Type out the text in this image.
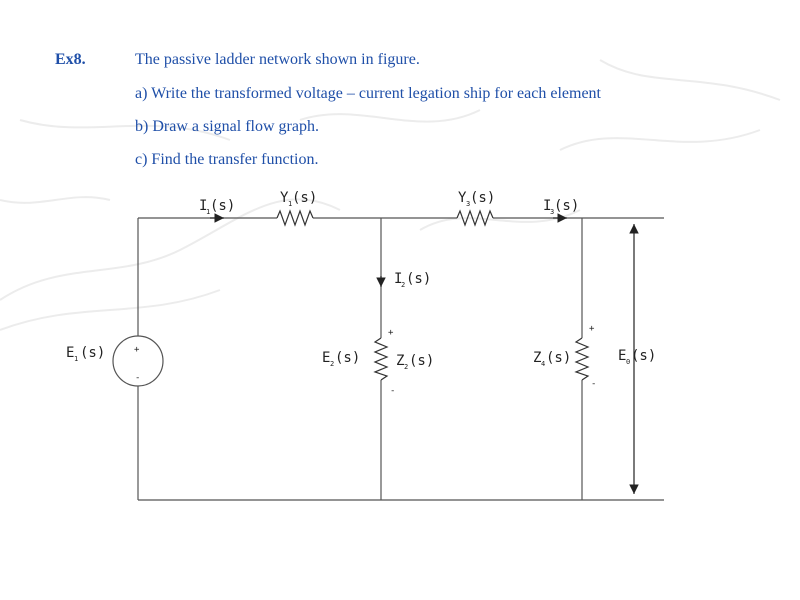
Ex8.	The passive ladder network shown in figure.
a) Write the transformed voltage – current legation ship for each element
b) Draw a signal flow graph.
c) Find the transfer function.
+
-
+
-
+
-
I
1 (s)	Y 1 (s)	Y 3 (s)	I
3 (s)
I
2 (s)
E 1 (s)	E 2 (s)	Z 2 (s)	Z 4 (s)	E 0 (s)
